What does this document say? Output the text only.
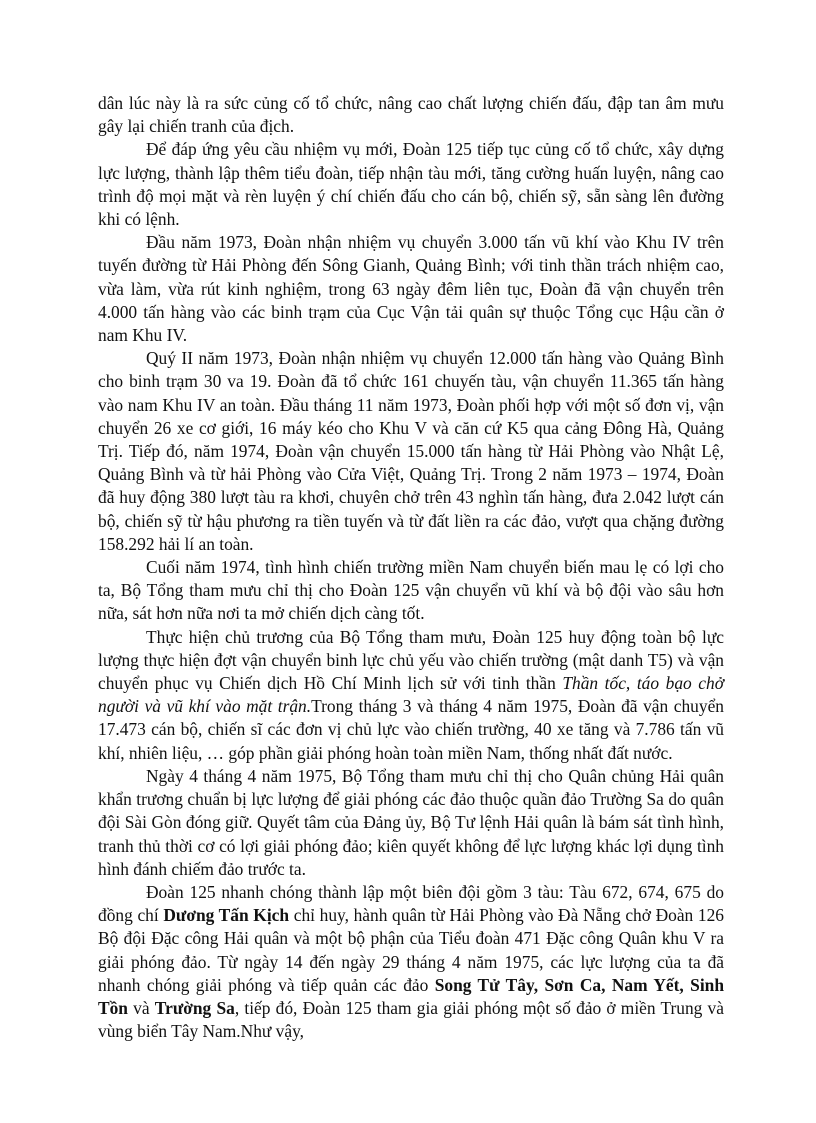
dân lúc này là ra sức củng cố tổ chức, nâng cao chất lượng chiến đấu, đập tan âm mưu gây lại chiến tranh của địch.

Để đáp ứng yêu cầu nhiệm vụ mới, Đoàn 125 tiếp tục củng cố tổ chức, xây dựng lực lượng, thành lập thêm tiểu đoàn, tiếp nhận tàu mới, tăng cường huấn luyện, nâng cao trình độ mọi mặt và rèn luyện ý chí chiến đấu cho cán bộ, chiến sỹ, sẵn sàng lên đường khi có lệnh.

Đầu năm 1973, Đoàn nhận nhiệm vụ chuyển 3.000 tấn vũ khí vào Khu IV trên tuyến đường từ Hải Phòng đến Sông Gianh, Quảng Bình; với tinh thần trách nhiệm cao, vừa làm, vừa rút kinh nghiệm, trong 63 ngày đêm liên tục, Đoàn đã vận chuyển trên 4.000 tấn hàng vào các binh trạm của Cục Vận tải quân sự thuộc Tổng cục Hậu cần ở nam Khu IV.

Quý II năm 1973, Đoàn nhận nhiệm vụ chuyển 12.000 tấn hàng vào Quảng Bình cho binh trạm 30 va 19. Đoàn đã tổ chức 161 chuyến tàu, vận chuyển 11.365 tấn hàng vào nam Khu IV an toàn. Đầu tháng 11 năm 1973, Đoàn phối hợp với một số đơn vị, vận chuyển 26 xe cơ giới, 16 máy kéo cho Khu V và căn cứ K5 qua cảng Đông Hà, Quảng Trị. Tiếp đó, năm 1974, Đoàn vận chuyển 15.000 tấn hàng từ Hải Phòng vào Nhật Lệ, Quảng Bình và từ hải Phòng vào Cửa Việt, Quảng Trị. Trong 2 năm 1973 – 1974, Đoàn đã huy động 380 lượt tàu ra khơi, chuyên chở trên 43 nghìn tấn hàng, đưa 2.042 lượt cán bộ, chiến sỹ từ hậu phương ra tiền tuyến và từ đất liền ra các đảo, vượt qua chặng đường 158.292 hải lí an toàn.

Cuối năm 1974, tình hình chiến trường miền Nam chuyển biến mau lẹ có lợi cho ta, Bộ Tổng tham mưu chỉ thị cho Đoàn 125 vận chuyển vũ khí và bộ đội vào sâu hơn nữa, sát hơn nữa nơi ta mở chiến dịch càng tốt.

Thực hiện chủ trương của Bộ Tổng tham mưu, Đoàn 125 huy động toàn bộ lực lượng thực hiện đợt vận chuyển binh lực chủ yếu vào chiến trường (mật danh T5) và vận chuyển phục vụ Chiến dịch Hồ Chí Minh lịch sử với tinh thần Thần tốc, táo bạo chở người và vũ khí vào mặt trận.Trong tháng 3 và tháng 4 năm 1975, Đoàn đã vận chuyển 17.473 cán bộ, chiến sĩ các đơn vị chủ lực vào chiến trường, 40 xe tăng và 7.786 tấn vũ khí, nhiên liệu, … góp phần giải phóng hoàn toàn miền Nam, thống nhất đất nước.

Ngày 4 tháng 4 năm 1975, Bộ Tổng tham mưu chỉ thị cho Quân chủng Hải quân khẩn trương chuẩn bị lực lượng để giải phóng các đảo thuộc quần đảo Trường Sa do quân đội Sài Gòn đóng giữ. Quyết tâm của Đảng ủy, Bộ Tư lệnh Hải quân là bám sát tình hình, tranh thủ thời cơ có lợi giải phóng đảo; kiên quyết không để lực lượng khác lợi dụng tình hình đánh chiếm đảo trước ta.

Đoàn 125 nhanh chóng thành lập một biên đội gồm 3 tàu: Tàu 672, 674, 675 do đồng chí Dương Tấn Kịch chỉ huy, hành quân từ Hải Phòng vào Đà Nẵng chở Đoàn 126 Bộ đội Đặc công Hải quân và một bộ phận của Tiểu đoàn 471 Đặc công Quân khu V ra giải phóng đảo. Từ ngày 14 đến ngày 29 tháng 4 năm 1975, các lực lượng của ta đã nhanh chóng giải phóng và tiếp quản các đảo Song Tử Tây, Sơn Ca, Nam Yết, Sinh Tồn và Trường Sa, tiếp đó, Đoàn 125 tham gia giải phóng một số đảo ở miền Trung và vùng biển Tây Nam.Như vậy,
